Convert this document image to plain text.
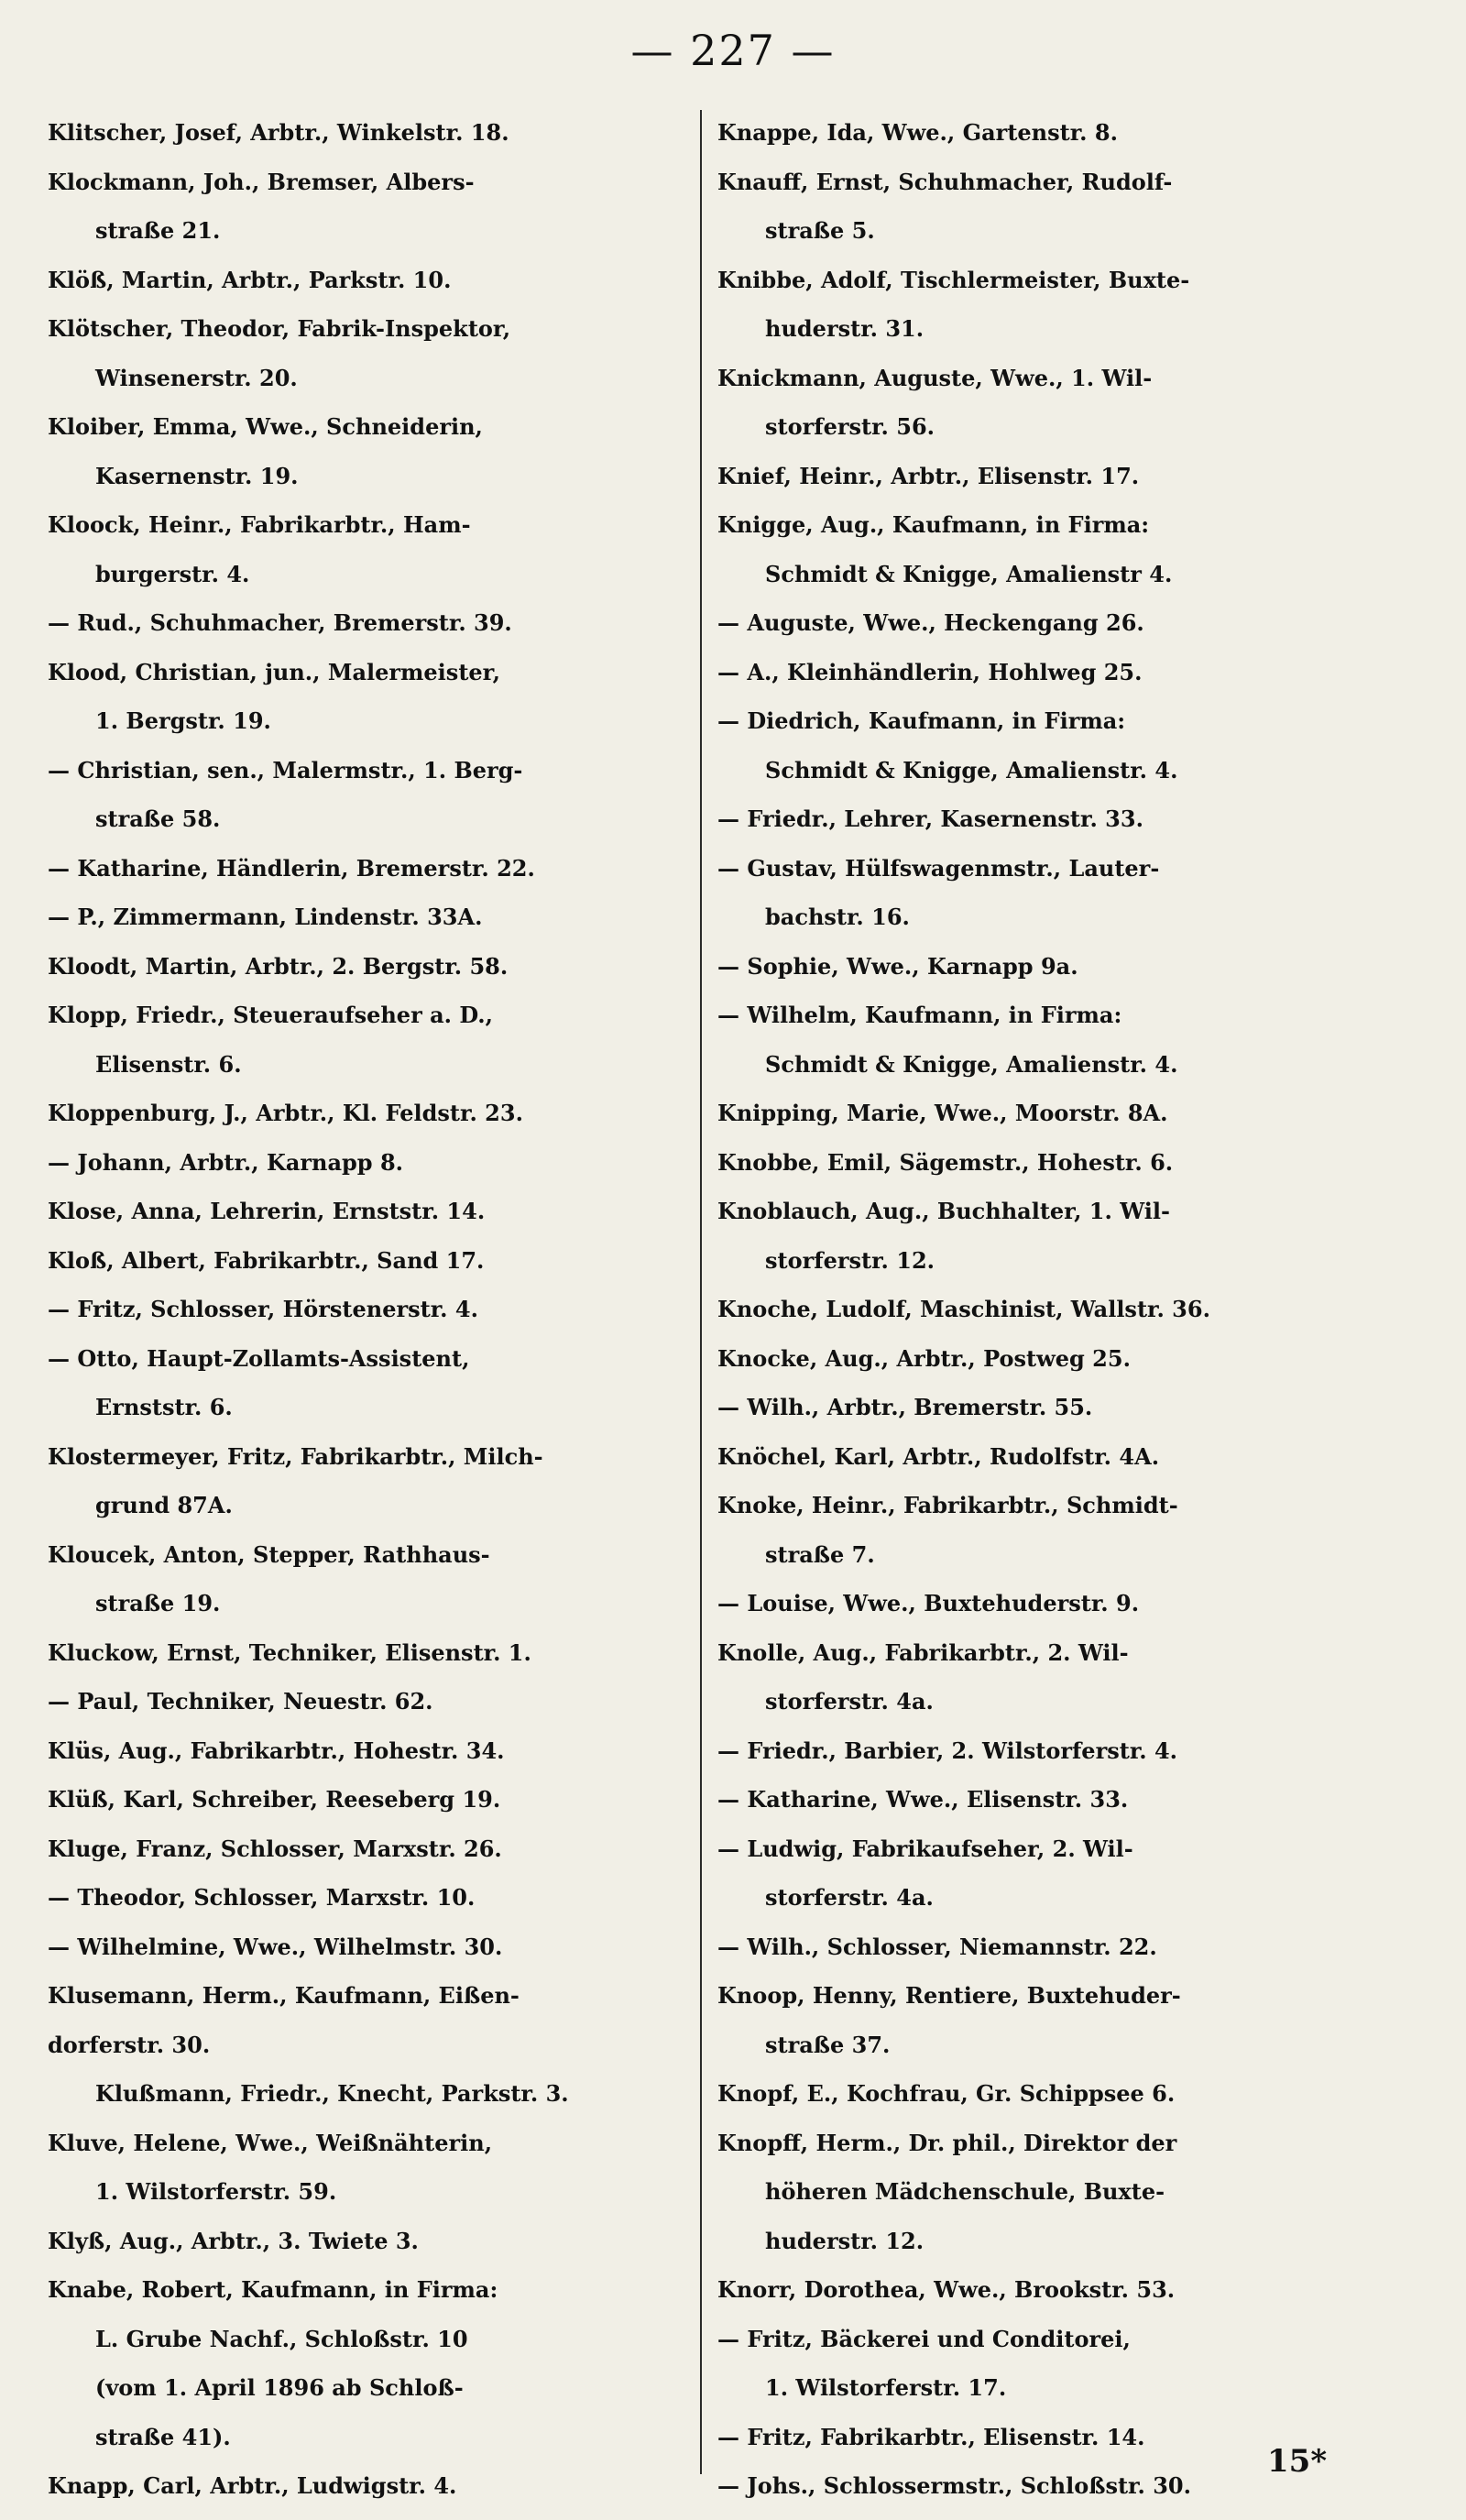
— 227 —
Klitscher, Josef, Arbtr., Winkelstr. 18.
Klockmann, Joh., Bremser, Albers-
straße 21.
Klöß, Martin, Arbtr., Parkstr. 10.
Klötscher, Theodor, Fabrik-Inspektor,
Winsenerstr. 20.
Kloiber, Emma, Wwe., Schneiderin,
Kasernenstr. 19.
Kloock, Heinr., Fabrikarbtr., Ham-
burgerstr. 4.
— Rud., Schuhmacher, Bremerstr. 39.
Klood, Christian, jun., Malermeister,
1. Bergstr. 19.
— Christian, sen., Malermstr., 1. Berg-
straße 58.
— Katharine, Händlerin, Bremerstr. 22.
— P., Zimmermann, Lindenstr. 33A.
Kloodt, Martin, Arbtr., 2. Bergstr. 58.
Klopp, Friedr., Steueraufseher a. D.,
Elisenstr. 6.
Kloppenburg, J., Arbtr., Kl. Feldstr. 23.
— Johann, Arbtr., Karnapp 8.
Klose, Anna, Lehrerin, Ernststr. 14.
Kloß, Albert, Fabrikarbtr., Sand 17.
— Fritz, Schlosser, Hörstenerstr. 4.
— Otto, Haupt-Zollamts-Assistent,
Ernststr. 6.
Klostermeyer, Fritz, Fabrikarbtr., Milch-
grund 87A.
Kloucek, Anton, Stepper, Rathhaus-
straße 19.
Kluckow, Ernst, Techniker, Elisenstr. 1.
— Paul, Techniker, Neuestr. 62.
Klüs, Aug., Fabrikarbtr., Hohestr. 34.
Klüß, Karl, Schreiber, Reeseberg 19.
Kluge, Franz, Schlosser, Marxstr. 26.
— Theodor, Schlosser, Marxstr. 10.
— Wilhelmine, Wwe., Wilhelmstr. 30.
Klusemann, Herm., Kaufmann, Eißen-
dorferstr. 30.
Klußmann, Friedr., Knecht, Parkstr. 3.
Kluve, Helene, Wwe., Weißnähterin,
1. Wilstorferstr. 59.
Klyß, Aug., Arbtr., 3. Twiete 3.
Knabe, Robert, Kaufmann, in Firma:
L. Grube Nachf., Schloßstr. 10
(vom 1. April 1896 ab Schloß-
straße 41).
Knapp, Carl, Arbtr., Ludwigstr. 4.
Knappe, Ida, Wwe., Gartenstr. 8.
Knauff, Ernst, Schuhmacher, Rudolf-
straße 5.
Knibbe, Adolf, Tischlermeister, Buxte-
huderstr. 31.
Knickmann, Auguste, Wwe., 1. Wil-
storferstr. 56.
Knief, Heinr., Arbtr., Elisenstr. 17.
Knigge, Aug., Kaufmann, in Firma:
Schmidt & Knigge, Amalienstr 4.
— Auguste, Wwe., Heckengang 26.
— A., Kleinhändlerin, Hohlweg 25.
— Diedrich, Kaufmann, in Firma:
Schmidt & Knigge, Amalienstr. 4.
— Friedr., Lehrer, Kasernenstr. 33.
— Gustav, Hülfswagenmstr., Lauter-
bachstr. 16.
— Sophie, Wwe., Karnapp 9a.
— Wilhelm, Kaufmann, in Firma:
Schmidt & Knigge, Amalienstr. 4.
Knipping, Marie, Wwe., Moorstr. 8A.
Knobbe, Emil, Sägemstr., Hohestr. 6.
Knoblauch, Aug., Buchhalter, 1. Wil-
storferstr. 12.
Knoche, Ludolf, Maschinist, Wallstr. 36.
Knocke, Aug., Arbtr., Postweg 25.
— Wilh., Arbtr., Bremerstr. 55.
Knöchel, Karl, Arbtr., Rudolfstr. 4A.
Knoke, Heinr., Fabrikarbtr., Schmidt-
straße 7.
— Louise, Wwe., Buxtehuderstr. 9.
Knolle, Aug., Fabrikarbtr., 2. Wil-
storferstr. 4a.
— Friedr., Barbier, 2. Wilstorferstr. 4.
— Katharine, Wwe., Elisenstr. 33.
— Ludwig, Fabrikaufseher, 2. Wil-
storferstr. 4a.
— Wilh., Schlosser, Niemannstr. 22.
Knoop, Henny, Rentiere, Buxtehuder-
straße 37.
Knopf, E., Kochfrau, Gr. Schippsee 6.
Knopff, Herm., Dr. phil., Direktor der
höheren Mädchenschule, Buxte-
huderstr. 12.
Knorr, Dorothea, Wwe., Brookstr. 53.
— Fritz, Bäckerei und Conditorei,
1. Wilstorferstr. 17.
— Fritz, Fabrikarbtr., Elisenstr. 14.
— Johs., Schlossermstr., Schloßstr. 30.
15*
